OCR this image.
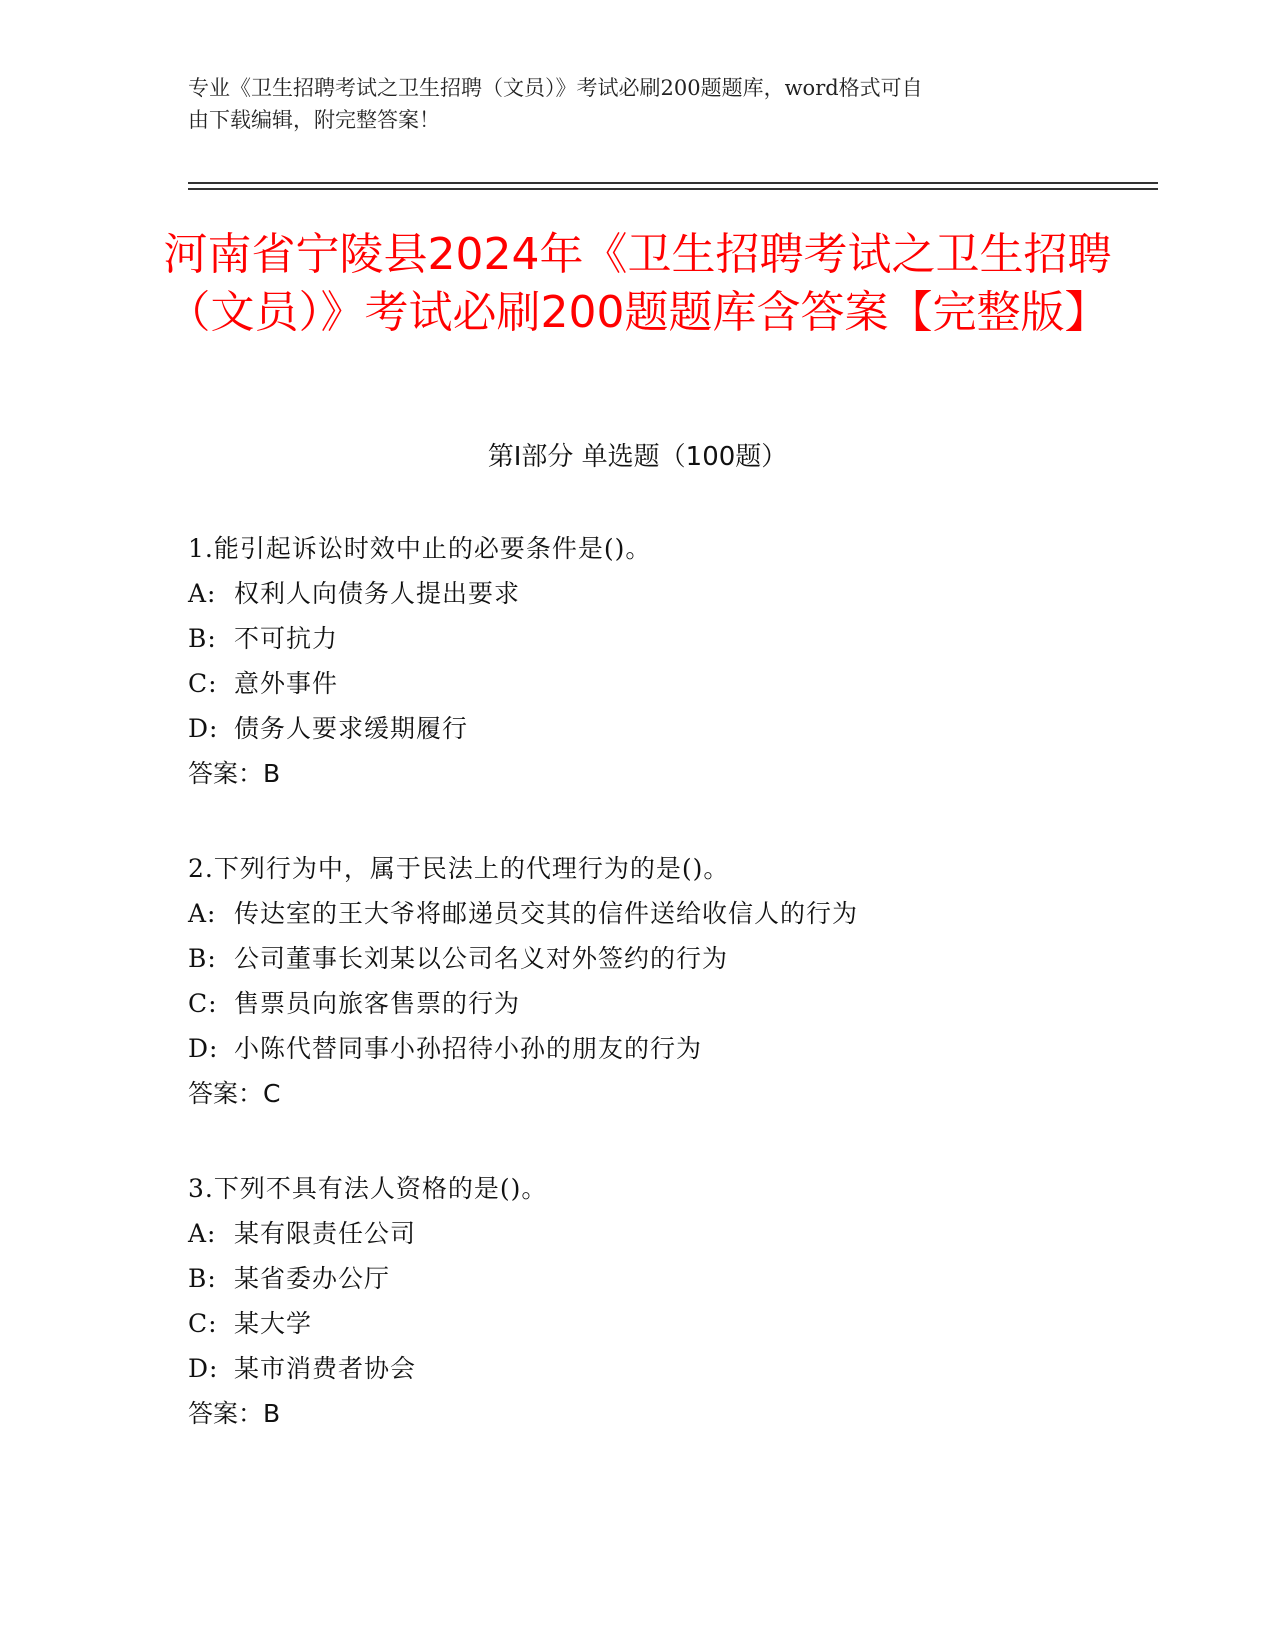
专业《卫生招聘考试之卫生招聘（文员）》考试必刷200题题库，word格式可自
由下载编辑，附完整答案！
河南省宁陵县2024年《卫生招聘考试之卫生招聘（文员）》考试必刷200题题库含答案【完整版】
第Ⅰ部分 单选题（100题）
1.能引起诉讼时效中止的必要条件是()。
A: 权利人向债务人提出要求
B: 不可抗力
C: 意外事件
D: 债务人要求缓期履行
答案：B
2.下列行为中，属于民法上的代理行为的是()。
A: 传达室的王大爷将邮递员交其的信件送给收信人的行为
B: 公司董事长刘某以公司名义对外签约的行为
C: 售票员向旅客售票的行为
D: 小陈代替同事小孙招待小孙的朋友的行为
答案：C
3.下列不具有法人资格的是()。
A: 某有限责任公司
B: 某省委办公厅
C: 某大学
D: 某市消费者协会
答案：B
